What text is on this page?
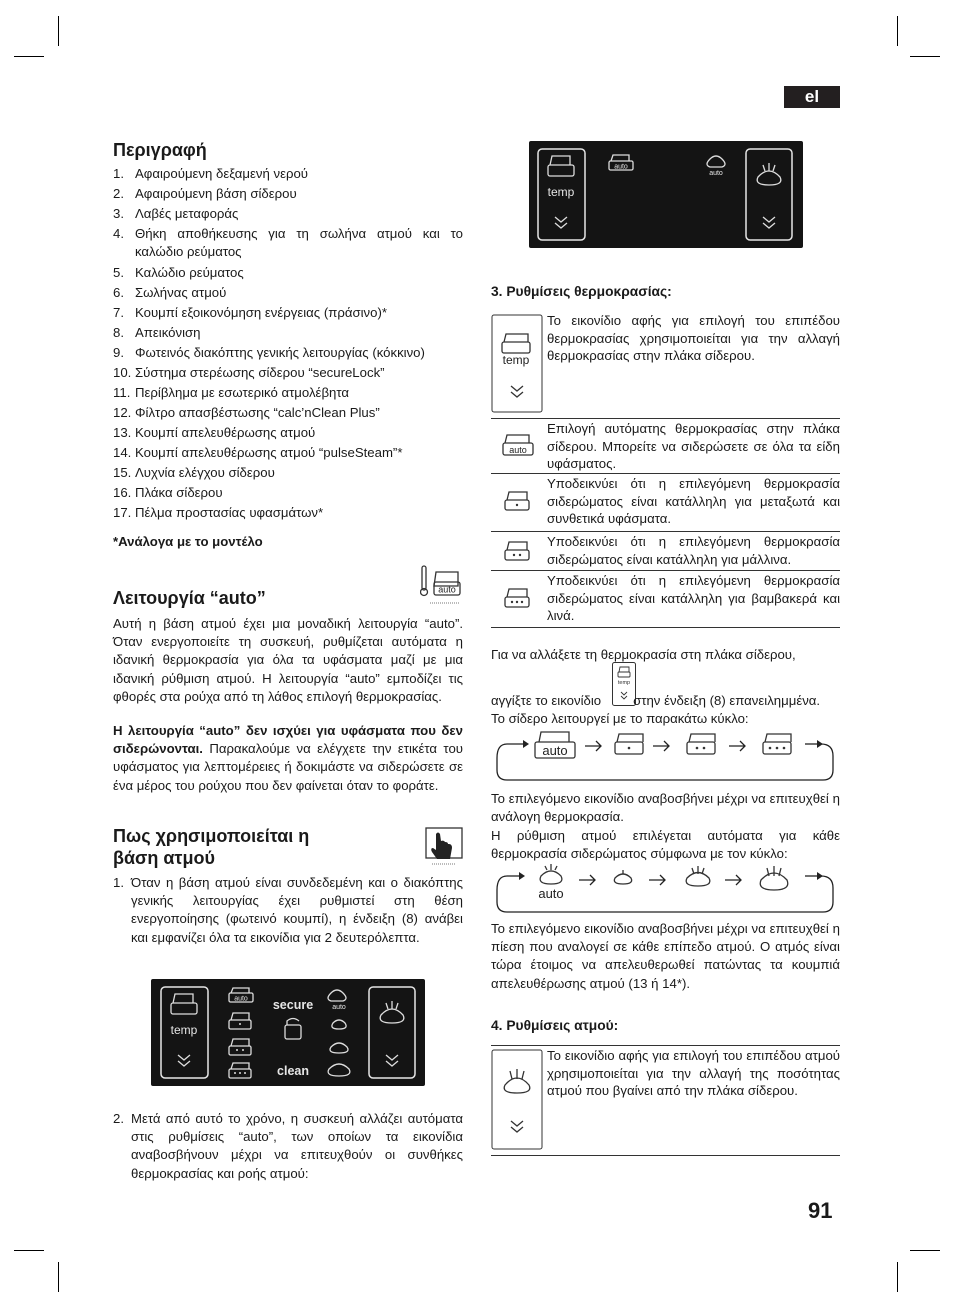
el
91
Περιγραφή
1. Αφαιρούμενη δεξαμενή νερού
2. Αφαιρούμενη βάση σίδερου
3. Λαβές μεταφοράς
4. Θήκη αποθήκευσης για τη σωλήνα ατμού και το καλώδιο ρεύματος
5. Καλώδιο ρεύματος
6. Σωλήνας ατμού
7. Κουμπί εξοικονόμηση ενέργειας (πράσινο)*
8. Απεικόνιση
9. Φωτεινός διακόπτης γενικής λειτουργίας (κόκκινο)
10. Σύστημα στερέωσης σίδερου “secureLock”
11. Περίβλημα με εσωτερικό ατμολέβητα
12. Φίλτρο απασβέστωσης “calc’nClean Plus”
13. Κουμπί απελευθέρωσης ατμού
14. Κουμπί απελευθέρωσης ατμού “pulseSteam”*
15. Λυχνία ελέγχου σίδερου
16. Πλάκα σίδερου
17. Πέλμα προστασίας υφασμάτων*
*Ανάλογα με το μοντέλο
Λειτουργία “auto”	auto

Αυτή η βάση ατμού έχει μια μοναδική λειτουργία “auto”. Όταν ενεργοποιείτε τη συσκευή, ρυθμίζεται αυτόματα η ιδανική θερμοκρασία για όλα τα υφάσματα μαζί με μια ιδανική ρύθμιση ατμού. Η λειτουργία “auto” εμποδίζει τις φθορές στα ρούχα από τη λάθος επιλογή θερμοκρασίας.

Η λειτουργία “auto” δεν ισχύει για υφάσματα που δεν σιδερώνονται. Παρακαλούμε να ελέγχετε την ετικέτα του υφάσματος για λεπτομέρειες ή δοκιμάστε να σιδερώσετε σε ένα μέρος του ρούχου που δεν φαίνεται όταν το φοράτε.

Πως χρησιμοποιείται η
βάση ατμού
1. Όταν η βάση ατμού είναι συνδεδεμένη και ο διακόπτης γενικής λειτουργίας έχει ρυθμιστεί στη θέση ενεργοποίησης (φωτεινό κουμπί), η ένδειξη (8) ανάβει και εμφανίζει όλα τα εικονίδια για 2 δευτερόλεπτα.
temp
auto secure
clean
auto
2. Μετά από αυτό το χρόνο, η συσκευή αλλάζει αυτόματα στις ρυθμίσεις “auto”, των οποίων τα εικονίδια αναβοσβήνουν μέχρι να επιτευχθούν οι συνθήκες θερμοκρασίας και ροής ατμού:
temp
auto
auto
3. Ρυθμίσεις θερμοκρασίας:
temp
Το εικονίδιο αφής για επιλογή του επιπέδου θερμοκρασίας χρησιμοποιείται για την αλλαγή θερμοκρασίας στην πλάκα σίδερου.
auto
Επιλογή αυτόματης θερμοκρασίας στην πλάκα σίδερου. Μπορείτε να σιδερώσετε σε όλα τα είδη υφάσματος.
Υποδεικνύει ότι η επιλεγόμενη θερμοκρασία σιδερώματος είναι κατάλληλη για μεταξωτά και συνθετικά υφάσματα.
Υποδεικνύει ότι η επιλεγόμενη θερμοκρασία σιδερώματος είναι κατάλληλη για μάλλινα.
Υποδεικνύει ότι η επιλεγόμενη θερμοκρασία σιδερώματος είναι κατάλληλη για βαμβακερά και λινά.

Για να αλλάξετε τη θερμοκρασία στη πλάκα σίδερου,

temp
αγγίξτε το εικονίδιο στην ένδειξη (8) επανειλημμένα.

Το σίδερο λειτουργεί με το παρακάτω κύκλο:

auto

Το επιλεγόμενο εικονίδιο αναβοσβήνει μέχρι να επιτευχθεί η ανάλογη θερμοκρασία.

Η ρύθμιση ατμού επιλέγεται αυτόματα για κάθε θερμοκρασία σιδερώματος σύμφωνα με τον κύκλο:

auto

Το επιλεγόμενο εικονίδιο αναβοσβήνει μέχρι να επιτευχθεί η πίεση που αναλογεί σε κάθε επίπεδο ατμού. Ο ατμός είναι τώρα έτοιμος να απελευθερωθεί πατώντας τα κουμπιά απελευθέρωσης ατμού (13 ή 14*).

4. Ρυθμίσεις ατμού:
Το εικονίδιο αφής για επιλογή του επιπέδου ατμού χρησιμοποιείται για την αλλαγή της ποσότητας ατμού που βγαίνει από την πλάκα σίδερου.
